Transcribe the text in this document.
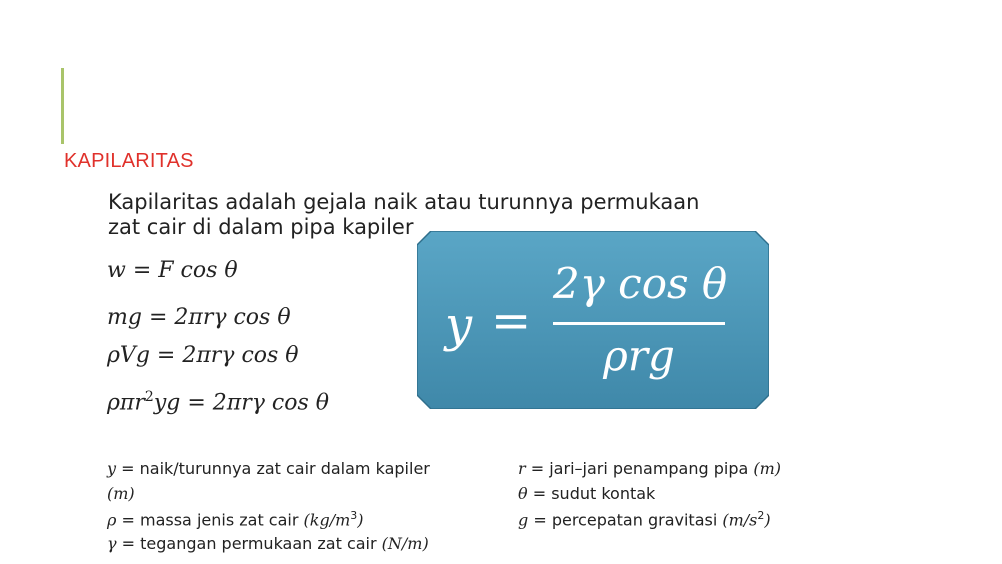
KAPILARITAS
Kapilaritas adalah gejala naik atau turunnya permukaan
zat cair di dalam pipa kapiler
w = F cos θ
mg = 2πrγ cos θ
ρVg = 2πrγ cos θ
ρπr$^2$yg = 2πrγ cos θ
y =
2γ cos θ
ρrg
y = naik/turunnya zat cair dalam kapiler
(m)
ρ = massa jenis zat cair $(kg/m^3)$
γ = tegangan permukaan zat cair (N/m)
r = jari–jari penampang pipa (m)
θ = sudut kontak
g = percepatan gravitasi $(m/s^2)$
